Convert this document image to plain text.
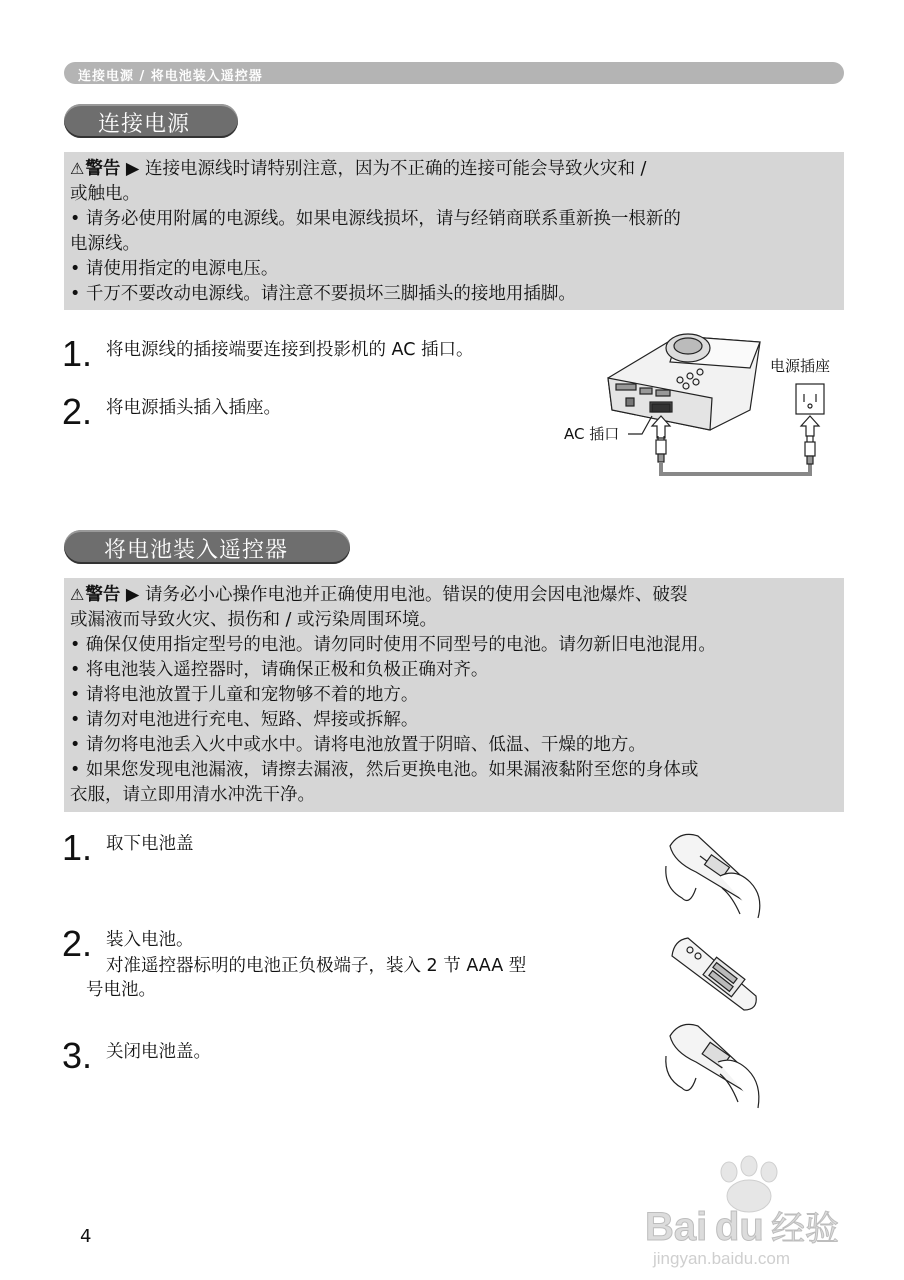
连接电源 / 将电池装入遥控器
连接电源
⚠警告 ▶ 连接电源线时请特别注意，因为不正确的连接可能会导致火灾和 /
或触电。
• 请务必使用附属的电源线。如果电源线损坏，请与经销商联系重新换一根新的
电源线。
• 请使用指定的电源电压。
• 千万不要改动电源线。请注意不要损坏三脚插头的接地用插脚。
1. 将电源线的插接端要连接到投影机的 AC 插口。
2. 将电源插头插入插座。
电源插座
AC 插口
将电池装入遥控器
⚠警告 ▶ 请务必小心操作电池并正确使用电池。错误的使用会因电池爆炸、破裂
或漏液而导致火灾、损伤和 / 或污染周围环境。
• 确保仅使用指定型号的电池。请勿同时使用不同型号的电池。请勿新旧电池混用。
• 将电池装入遥控器时，请确保正极和负极正确对齐。
• 请将电池放置于儿童和宠物够不着的地方。
• 请勿对电池进行充电、短路、焊接或拆解。
• 请勿将电池丢入火中或水中。请将电池放置于阴暗、低温、干燥的地方。
• 如果您发现电池漏液，请擦去漏液，然后更换电池。如果漏液黏附至您的身体或
衣服，请立即用清水冲洗干净。
1. 取下电池盖
2. 装入电池。
对准遥控器标明的电池正负极端子，装入 2 节 AAA 型
号电池。
3. 关闭电池盖。
4	Bai du 经验
jingyan.baidu.com
